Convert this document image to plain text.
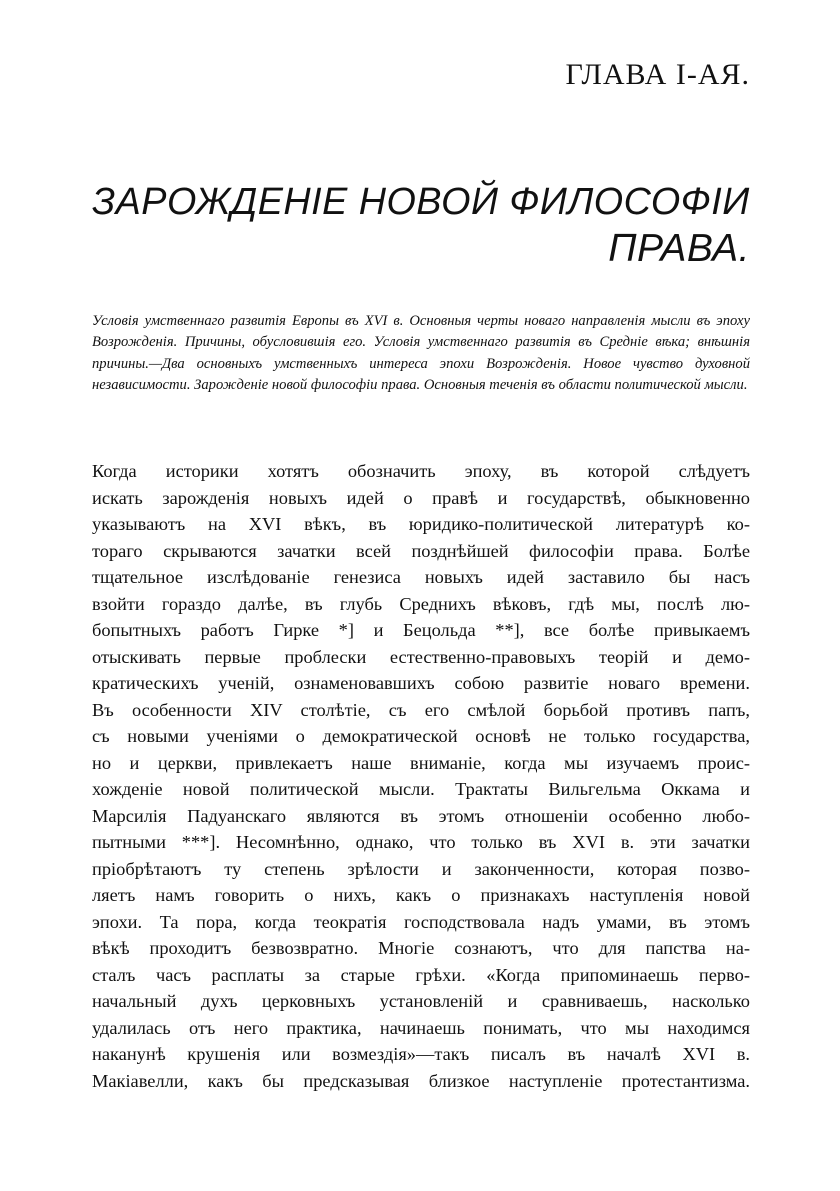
ГЛАВА I-АЯ.
ЗАРОЖДЕНІЕ НОВОЙ ФИЛОСОФІИ
ПРАВА.
Условія умственнаго развитія Европы въ XVI в. Основныя черты новаго направленія мысли въ эпоху Возрожденія. Причины, обусловившія его. Условія умственнаго развитія въ Средніе вѣка; внѣшнія причины.—Два основныхъ умственныхъ интереса эпохи Возрожденія. Новое чувство духовной независимости. Зарожденіе новой философіи права. Основныя теченія въ области политической мысли.
Когда историки хотятъ обозначить эпоху, въ которой слѣдуетъ
искать зарожденія новыхъ идей о правѣ и государствѣ, обыкновенно
указываютъ на XVI вѣкъ, въ юридико-политической литературѣ ко-
тораго скрываются зачатки всей позднѣйшей философіи права. Болѣе
тщательное изслѣдованіе генезиса новыхъ идей заставило бы насъ
взойти гораздо далѣе, въ глубь Среднихъ вѣковъ, гдѣ мы, послѣ лю-
бопытныхъ работъ Гирке *] и Бецольда **], все болѣе привыкаемъ
отыскивать первые проблески естественно-правовыхъ теорій и демо-
кратическихъ ученій, ознаменовавшихъ собою развитіе новаго времени.
Въ особенности XIV столѣтіе, съ его смѣлой борьбой противъ папъ,
съ новыми ученіями о демократической основѣ не только государства,
но и церкви, привлекаетъ наше вниманіе, когда мы изучаемъ проис-
хожденіе новой политической мысли. Трактаты Вильгельма Оккама и
Марсилія Падуанскаго являются въ этомъ отношеніи особенно любо-
пытными ***]. Несомнѣнно, однако, что только въ XVI в. эти зачатки
пріобрѣтаютъ ту степень зрѣлости и законченности, которая позво-
ляетъ намъ говорить о нихъ, какъ о признакахъ наступленія новой
эпохи. Та пора, когда теократія господствовала надъ умами, въ этомъ
вѣкѣ проходитъ безвозвратно. Многіе сознаютъ, что для папства на-
сталъ часъ расплаты за старые грѣхи. «Когда припоминаешь перво-
начальный духъ церковныхъ установленій и сравниваешь, насколько
удалилась отъ него практика, начинаешь понимать, что мы находимся
наканунѣ крушенія или возмездія»—такъ писалъ въ началѣ XVI в.
Макіавелли, какъ бы предсказывая близкое наступленіе протестантизма.
